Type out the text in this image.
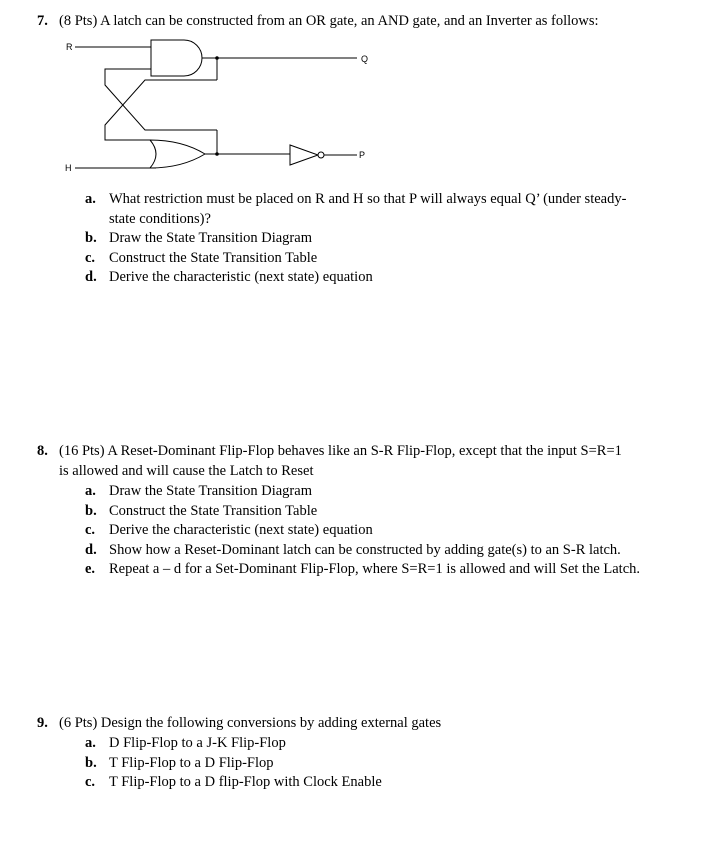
7. (8 Pts) A latch can be constructed from an OR gate, an AND gate, and an Inverter as follows:
R
H
Q
P
a. What restriction must be placed on R and H so that P will always equal Q’ (under steady-state conditions)?
b. Draw the State Transition Diagram
c. Construct the State Transition Table
d. Derive the characteristic (next state) equation
8. (16 Pts) A Reset-Dominant Flip-Flop behaves like an S-R Flip-Flop, except that the input S=R=1
is allowed and will cause the Latch to Reset
a. Draw the State Transition Diagram
b. Construct the State Transition Table
c. Derive the characteristic (next state) equation
d. Show how a Reset-Dominant latch can be constructed by adding gate(s) to an S-R latch.
e. Repeat a – d for a Set-Dominant Flip-Flop, where S=R=1 is allowed and will Set the Latch.
9. (6 Pts) Design the following conversions by adding external gates
a. D Flip-Flop to a J-K Flip-Flop
b. T Flip-Flop to a D Flip-Flop
c. T Flip-Flop to a D flip-Flop with Clock Enable
